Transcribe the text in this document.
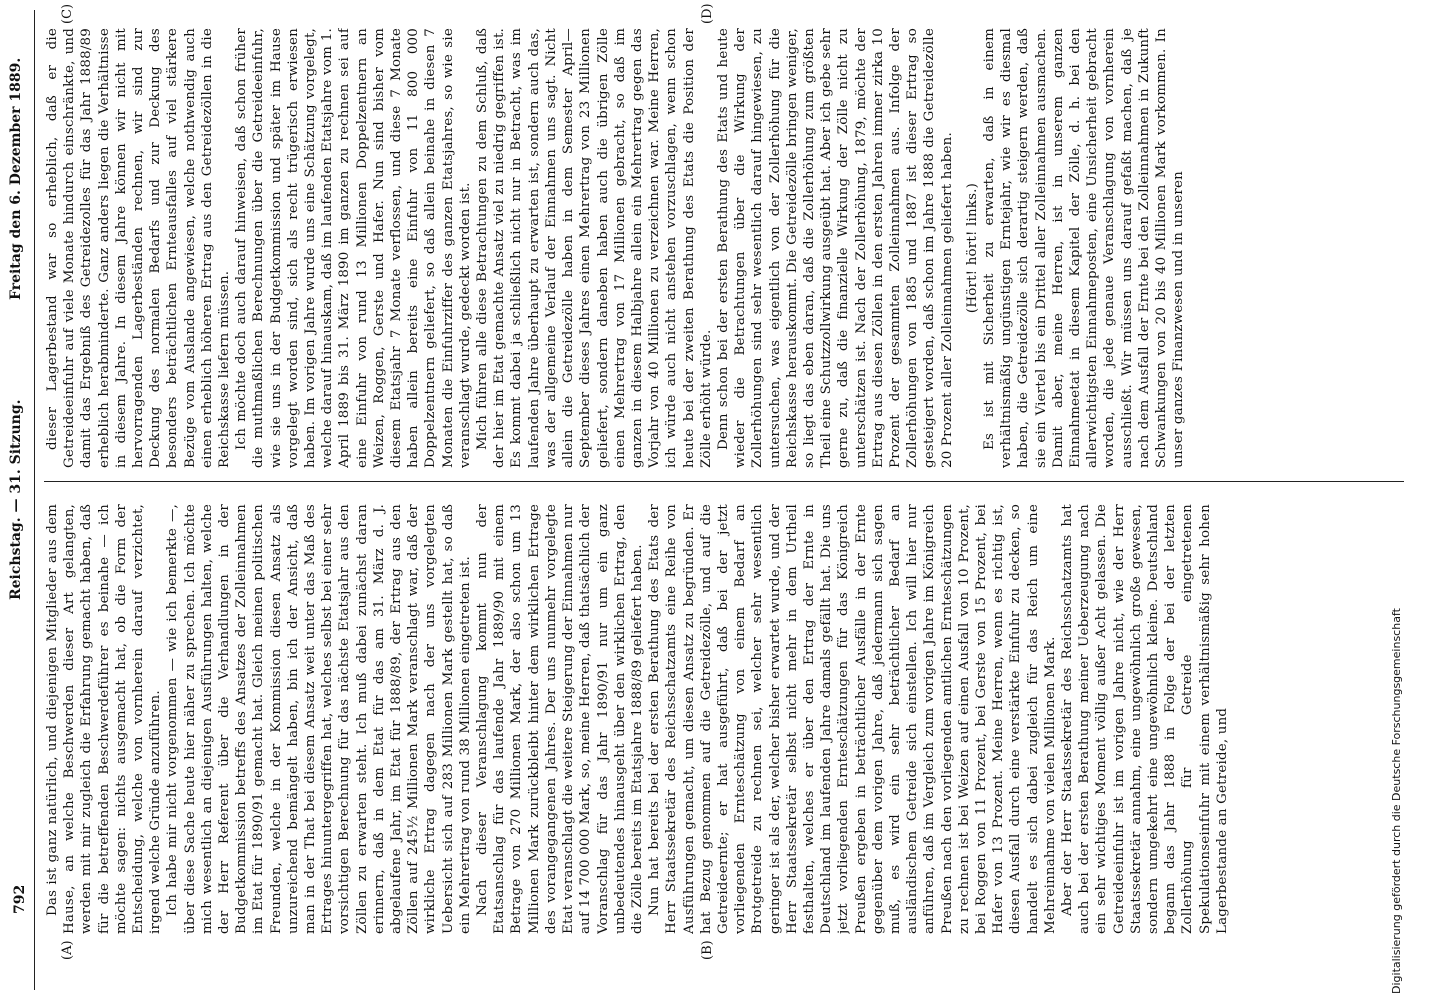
792
Reichstag. — 31. Sitzung.
Freitag den 6. Dezember 1889.

Das ist ganz natürlich, und diejenigen Mitglieder aus dem Hause, an welche Beschwerden dieser Art gelangten, werden mit mir zugleich die Erfahrung gemacht haben, daß für die betreffenden Beschwerdeführer es beinahe — ich möchte sagen: nichts ausgemacht hat, ob die Form der Entscheidung, welche von vornherein darauf verzichtet, irgend welche Gründe anzuführen. Ich habe mir nicht vorgenommen — wie ich bemerkte —, über diese Sache heute hier näher zu sprechen. Ich möchte mich wesentlich an diejenigen Ausführungen halten, welche der Herr Referent über die Verhandlungen in der Budgetkommission betreffs des Ansatzes der Zolleinnahmen im Etat für 1890/91 gemacht hat. Gleich meinen politischen Freunden, welche in der Kommission diesen Ansatz als unzureichend bemängelt haben, bin ich der Ansicht, daß man in der That bei diesem Ansatz weit unter das Maß des Ertrages hinuntergegriffen hat, welches selbst bei einer sehr vorsichtigen Berechnung für das nächste Etatsjahr aus den Zöllen zu erwarten steht. Ich muß dabei zunächst daran erinnern, daß in dem Etat für das am 31. März d. J. abgelaufene Jahr, im Etat für 1888/89, der Ertrag aus den Zöllen auf 245½ Millionen Mark veranschlagt war, daß der wirkliche Ertrag dagegen nach der uns vorgelegten Uebersicht sich auf 283 Millionen Mark gestellt hat, so daß ein Mehrertrag von rund 38 Millionen eingetreten ist. Nach dieser Veranschlagung kommt nun der Etatsanschlag für das laufende Jahr 1889/90 mit einem Betrage von 270 Millionen Mark, der also schon um 13 Millionen Mark zurückbleibt hinter dem wirklichen Ertrage des vorangegangenen Jahres. Der uns nunmehr vorgelegte Etat veranschlagt die weitere Steigerung der Einnahmen nur auf 14 700 000 Mark, so, meine Herren, daß thatsächlich der Voranschlag für das Jahr 1890/91 nur um ein ganz unbedeutendes hinausgeht über den wirklichen Ertrag, den die Zölle bereits im Etatsjahre 1888/89 geliefert haben. Nun hat bereits bei der ersten Berathung des Etats der Herr Staatssekretär des Reichsschatzamts eine Reihe von Ausführungen gemacht, um diesen Ansatz zu begründen. Er hat Bezug genommen auf die Getreidezölle, und auf die Getreideernte; er hat ausgeführt, daß bei der jetzt vorliegenden Ernteschätzung von einem Bedarf an Brotgetreide zu rechnen sei, welcher sehr wesentlich geringer ist als der, welcher bisher erwartet wurde, und der Herr Staatssekretär selbst nicht mehr in dem Urtheil festhalten, welches er über den Ertrag der Ernte in Deutschland im laufenden Jahre damals gefällt hat. Die uns jetzt vorliegenden Ernteschätzungen für das Königreich Preußen ergeben in beträchtlicher Ausfälle in der Ernte gegenüber dem vorigen Jahre, daß jedermann sich sagen muß, es wird ein sehr beträchtlicher Bedarf an ausländischem Getreide sich einstellen. Ich will hier nur anführen, daß im Vergleich zum vorigen Jahre im Königreich Preußen nach den vorliegenden amtlichen Ernteschätzungen zu rechnen ist bei Weizen auf einen Ausfall von 10 Prozent, bei Roggen von 11 Prozent, bei Gerste von 15 Prozent, bei Hafer von 13 Prozent. Meine Herren, wenn es richtig ist, diesen Ausfall durch eine verstärkte Einfuhr zu decken, so handelt es sich dabei zugleich für das Reich um eine Mehreinnahme von vielen Millionen Mark. Aber der Herr Staatssekretär des Reichsschatzamts hat auch bei der ersten Berathung meiner Ueberzeugung nach ein sehr wichtiges Moment völlig außer Acht gelassen. Die Getreideeinfuhr ist im vorigen Jahre nicht, wie der Herr Staatssekretär annahm, eine ungewöhnlich große gewesen, sondern umgekehrt eine ungewöhnlich kleine. Deutschland begann das Jahr 1888 in Folge der bei der letzten Zollerhöhung für Getreide eingetretenen Spekulationseinfuhr mit einem verhältnismäßig sehr hohen Lagerbestande an Getreide, und

dieser Lagerbestand war so erheblich, daß er die Getreideeinfuhr auf viele Monate hindurch einschränkte, und damit das Ergebniß des Getreidezolles für das Jahr 1888/89 erheblich herabminderte. Ganz anders liegen die Verhältnisse in diesem Jahre. In diesem Jahre können wir nicht mit hervorragenden Lagerbeständen rechnen, wir sind zur Deckung des normalen Bedarfs und zur Deckung des besonders beträchtlichen Ernteausfalles auf viel stärkere Bezüge vom Auslande angewiesen, welche nothwendig auch einen erheblich höheren Ertrag aus den Getreidezöllen in die Reichskasse liefern müssen. Ich möchte doch auch darauf hinweisen, daß schon früher die muthmaßlichen Berechnungen über die Getreideeinfuhr, wie sie uns in der Budgetkommission und später im Hause vorgelegt worden sind, sich als recht trügerisch erwiesen haben. Im vorigen Jahre wurde uns eine Schätzung vorgelegt, welche darauf hinauskam, daß im laufenden Etatsjahre vom 1. April 1889 bis 31. März 1890 im ganzen zu rechnen sei auf eine Einfuhr von rund 13 Millionen Doppelzentnern an Weizen, Roggen, Gerste und Hafer. Nun sind bisher vom diesem Etatsjahr 7 Monate verflossen, und diese 7 Monate haben allein bereits eine Einfuhr von 11 800 000 Doppelzentnern geliefert, so daß allein beinahe in diesen 7 Monaten die Einfuhrziffer des ganzen Etatsjahres, so wie sie veranschlagt wurde, gedeckt worden ist. Mich führen alle diese Betrachtungen zu dem Schluß, daß der hier im Etat gemachte Ansatz viel zu niedrig gegriffen ist. Es kommt dabei ja schließlich nicht nur in Betracht, was im laufenden Jahre überhaupt zu erwarten ist, sondern auch das, was der allgemeine Verlauf der Einnahmen uns sagt. Nicht allein die Getreidezölle haben in dem Semester April—September dieses Jahres einen Mehrertrag von 23 Millionen geliefert, sondern daneben haben auch die übrigen Zölle einen Mehrertrag von 17 Millionen gebracht, so daß im ganzen in diesem Halbjahre allein ein Mehrertrag gegen das Vorjahr von 40 Millionen zu verzeichnen war. Meine Herren, ich würde auch nicht anstehen vorzuschlagen, wenn schon heute bei der zweiten Berathung des Etats die Position der Zölle erhöht würde. Denn schon bei der ersten Berathung des Etats und heute wieder die Betrachtungen über die Wirkung der Zollerhöhungen sind sehr wesentlich darauf hingewiesen, zu untersuchen, was eigentlich von der Zollerhöhung für die Reichskasse herauskommt. Die Getreidezölle bringen weniger, so liegt das eben daran, daß die Zollerhöhung zum größten Theil eine Schutzzollwirkung ausgeübt hat. Aber ich gebe sehr gerne zu, daß die finanzielle Wirkung der Zölle nicht zu unterschätzen ist. Nach der Zollerhöhung, 1879, möchte der Ertrag aus diesen Zöllen in den ersten Jahren immer zirka 10 Prozent der gesammten Zolleinnahmen aus. Infolge der Zollerhöhungen von 1885 und 1887 ist dieser Ertrag so gesteigert worden, daß schon im Jahre 1888 die Getreidezölle 20 Prozent aller Zolleinnahmen geliefert haben. (Hört! hört! links.) Es ist mit Sicherheit zu erwarten, daß in einem verhältnismäßig ungünstigen Erntejahr, wie wir es diesmal haben, die Getreidezölle sich derartig steigern werden, daß sie ein Viertel bis ein Drittel aller Zolleinnahmen ausmachen. Damit aber, meine Herren, ist in unserem ganzen Einnahmeetat in diesem Kapitel der Zölle, d. h. bei den allerwichtigsten Einnahmeposten, eine Unsicherheit gebracht worden, die jede genaue Veranschlagung von vornherein ausschließt. Wir müssen uns darauf gefaßt machen, daß je nach dem Ausfall der Ernte bei den Zolleinnahmen in Zukunft Schwankungen von 20 bis 40 Millionen Mark vorkommen. In unser ganzes Finanzwesen und in unseren

(A)	(B)
(C)	(D)
Digitalisierung gefördert durch die Deutsche Forschungsgemeinschaft
